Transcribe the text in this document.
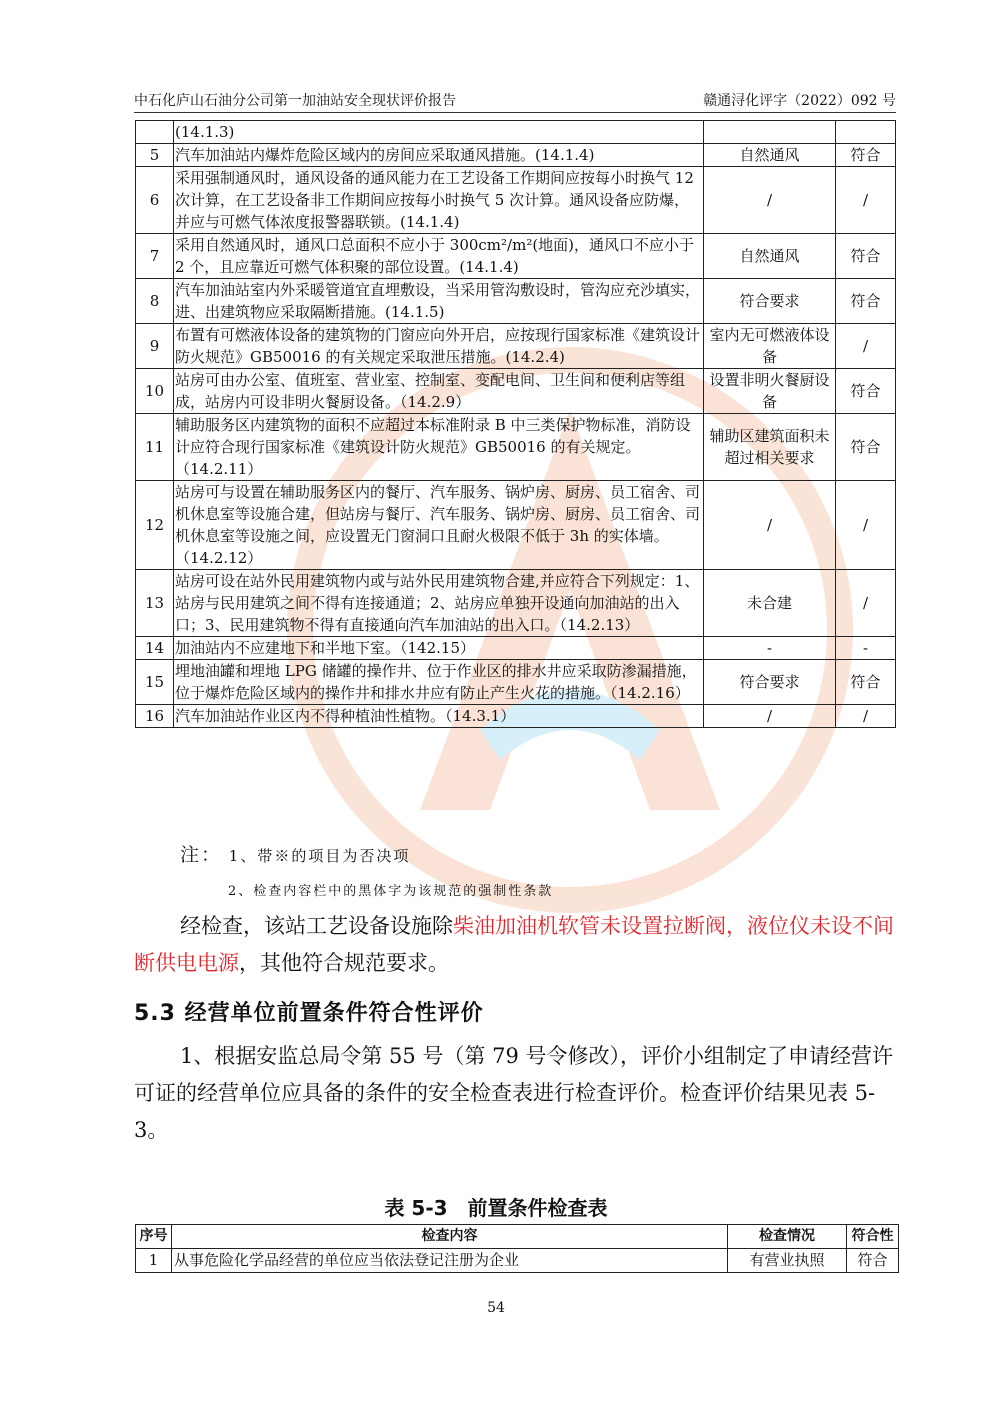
中石化庐山石油分公司第一加油站安全现状评价报告	赣通浔化评字（2022）092 号
	(14.1.3)		
5	汽车加油站内爆炸危险区域内的房间应采取通风措施。(14.1.4)	自然通风	符合
6	采用强制通风时，通风设备的通风能力在工艺设备工作期间应按每小时换气 12 次计算，在工艺设备非工作期间应按每小时换气 5 次计算。通风设备应防爆，并应与可燃气体浓度报警器联锁。(14.1.4)	/	/
7	采用自然通风时，通风口总面积不应小于 300cm²/m²(地面)，通风口不应小于 2 个，且应靠近可燃气体积聚的部位设置。(14.1.4)	自然通风	符合
8	汽车加油站室内外采暖管道宜直埋敷设，当采用管沟敷设时，管沟应充沙填实，进、出建筑物应采取隔断措施。(14.1.5)	符合要求	符合
9	布置有可燃液体设备的建筑物的门窗应向外开启，应按现行国家标准《建筑设计防火规范》GB50016 的有关规定采取泄压措施。(14.2.4)	室内无可燃液体设备	/
10	站房可由办公室、值班室、营业室、控制室、变配电间、卫生间和便利店等组成，站房内可设非明火餐厨设备。（14.2.9）	设置非明火餐厨设备	符合
11	辅助服务区内建筑物的面积不应超过本标准附录 B 中三类保护物标准，消防设计应符合现行国家标准《建筑设计防火规范》GB50016 的有关规定。（14.2.11）	辅助区建筑面积未超过相关要求	符合
12	站房可与设置在辅助服务区内的餐厅、汽车服务、锅炉房、厨房、员工宿舍、司机休息室等设施合建，但站房与餐厅、汽车服务、锅炉房、厨房、员工宿舍、司机休息室等设施之间，应设置无门窗洞口且耐火极限不低于 3h 的实体墙。（14.2.12）	/	/
13	站房可设在站外民用建筑物内或与站外民用建筑物合建,并应符合下列规定：1、站房与民用建筑之间不得有连接通道；2、站房应单独开设通向加油站的出入口；3、民用建筑物不得有直接通向汽车加油站的出入口。（14.2.13）	未合建	/
14	加油站内不应建地下和半地下室。（142.15）	-	-
15	埋地油罐和埋地 LPG 储罐的操作井、位于作业区的排水井应采取防渗漏措施，位于爆炸危险区域内的操作井和排水井应有防止产生火花的措施。（14.2.16）	符合要求	符合
16	汽车加油站作业区内不得种植油性植物。（14.3.1）	/	/
注： 1、带※的项目为否决项
2、检查内容栏中的黑体字为该规范的强制性条款
经检查，该站工艺设备设施除柴油加油机软管未设置拉断阀，液位仪未设不间断供电电源，其他符合规范要求。
5.3 经营单位前置条件符合性评价
1、根据安监总局令第 55 号（第 79 号令修改），评价小组制定了申请经营许可证的经营单位应具备的条件的安全检查表进行检查评价。检查评价结果见表 5-3。
表 5-3　前置条件检查表
序号	检查内容	检查情况	符合性
1	从事危险化学品经营的单位应当依法登记注册为企业	有营业执照	符合
54
